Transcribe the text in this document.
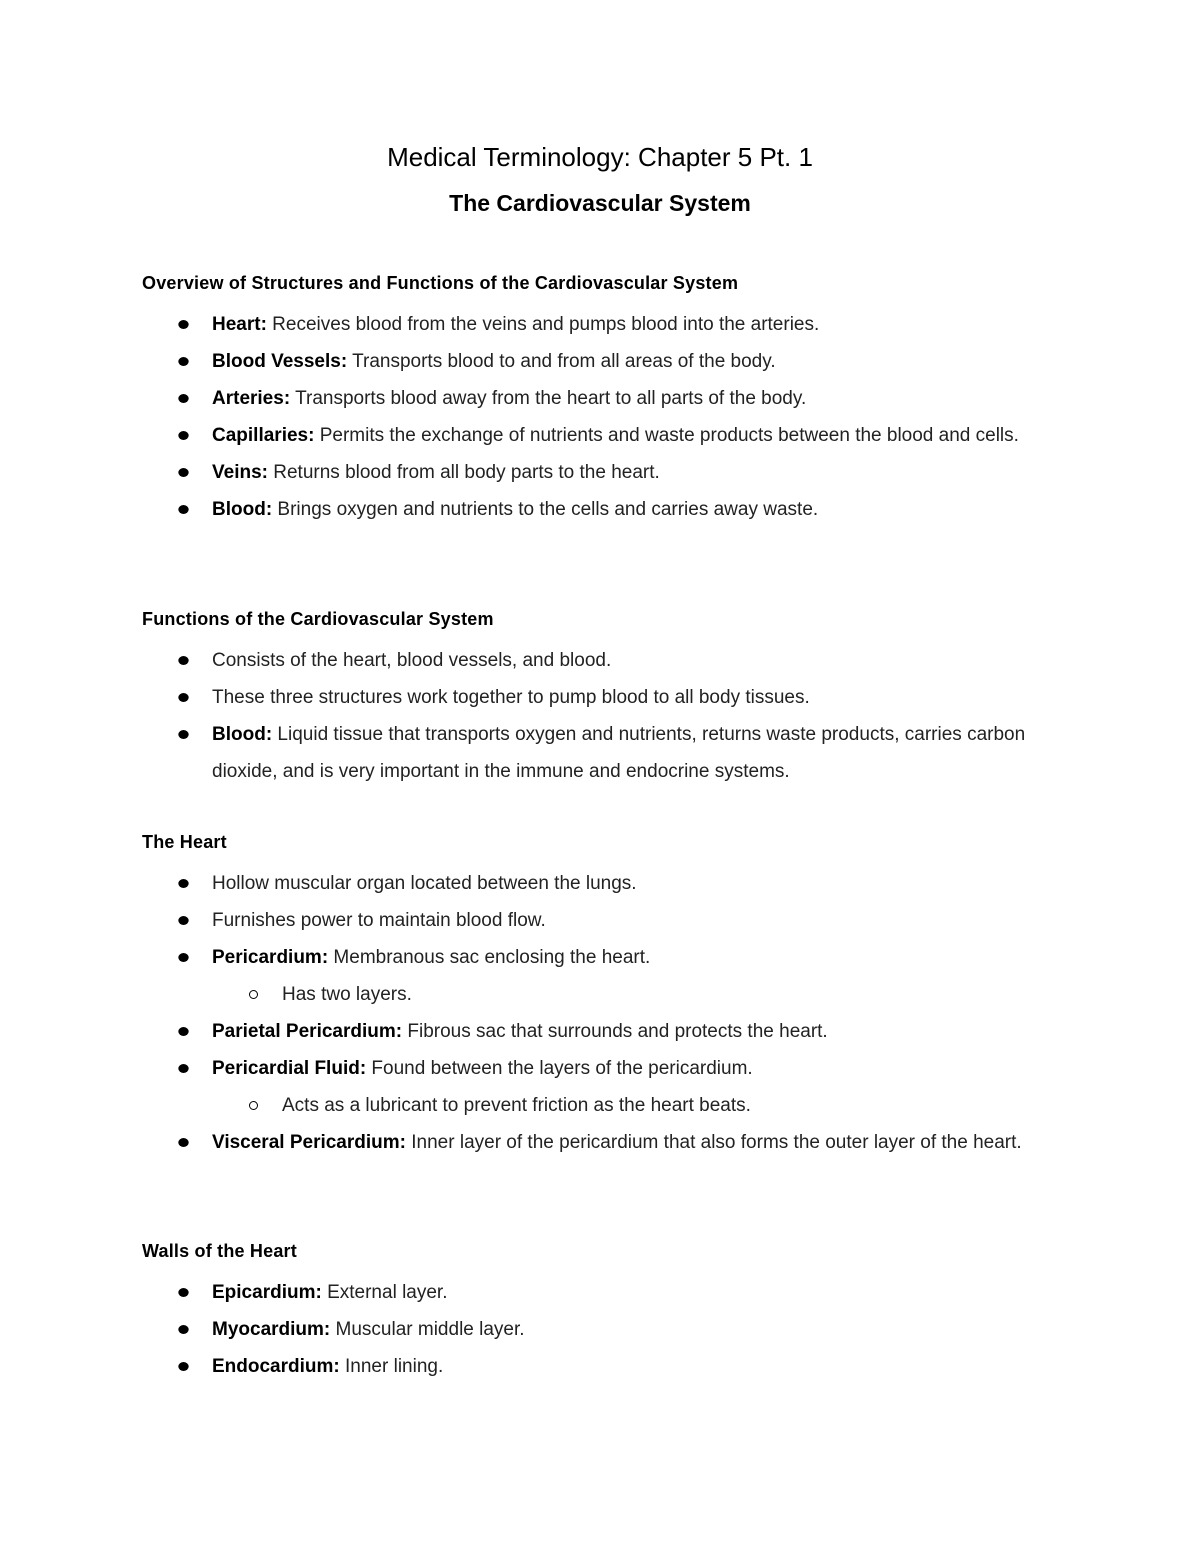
Medical Terminology: Chapter 5 Pt. 1
The Cardiovascular System
Overview of Structures and Functions of the Cardiovascular System
Heart: Receives blood from the veins and pumps blood into the arteries.
Blood Vessels: Transports blood to and from all areas of the body.
Arteries: Transports blood away from the heart to all parts of the body.
Capillaries: Permits the exchange of nutrients and waste products between the blood and cells.
Veins: Returns blood from all body parts to the heart.
Blood: Brings oxygen and nutrients to the cells and carries away waste.
Functions of the Cardiovascular System
Consists of the heart, blood vessels, and blood.
These three structures work together to pump blood to all body tissues.
Blood: Liquid tissue that transports oxygen and nutrients, returns waste products, carries carbon dioxide, and is very important in the immune and endocrine systems.
The Heart
Hollow muscular organ located between the lungs.
Furnishes power to maintain blood flow.
Pericardium: Membranous sac enclosing the heart.
Has two layers.
Parietal Pericardium: Fibrous sac that surrounds and protects the heart.
Pericardial Fluid: Found between the layers of the pericardium.
Acts as a lubricant to prevent friction as the heart beats.
Visceral Pericardium: Inner layer of the pericardium that also forms the outer layer of the heart.
Walls of the Heart
Epicardium: External layer.
Myocardium: Muscular middle layer.
Endocardium: Inner lining.
